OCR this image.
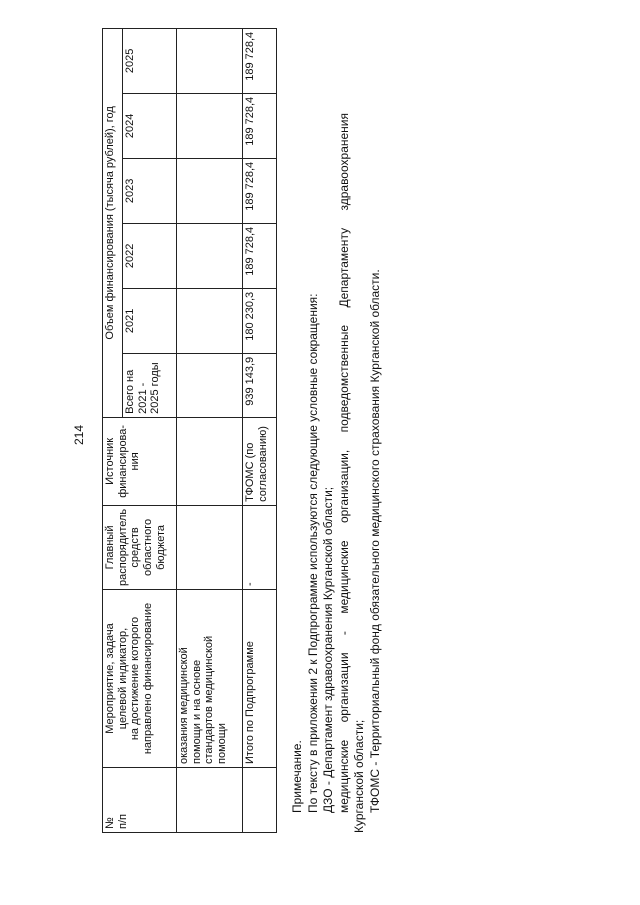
214
№
п/п	Мероприятие, задача
целевой индикатор,
на достижение которого
направлено финансирование	Главный
распорядитель
средств
областного
бюджета	Источник
финансирова-
ния	Объем финансирования (тысяча рублей), год					
				Всего на
2021 -
2025 годы	2021	2022	2023	2024	2025
	оказания медицинской
помощи и на основе
стандартов медицинской
помощи								
	Итого по Подпрограмме	-	ТФОМС (по
согласованию)	939 143,9	180 230,3	189 728,4	189 728,4	189 728,4	189 728,4

Примечание. По тексту в приложении 2 к Подпрограмме используются следующие условные сокращения: ДЗО - Департамент здравоохранения Курганской области; медицинские организации - медицинские организации, подведомственные Департаменту здравоохранения Курганской области; ТФОМС - Территориальный фонд обязательного медицинского страхования Курганской области.
